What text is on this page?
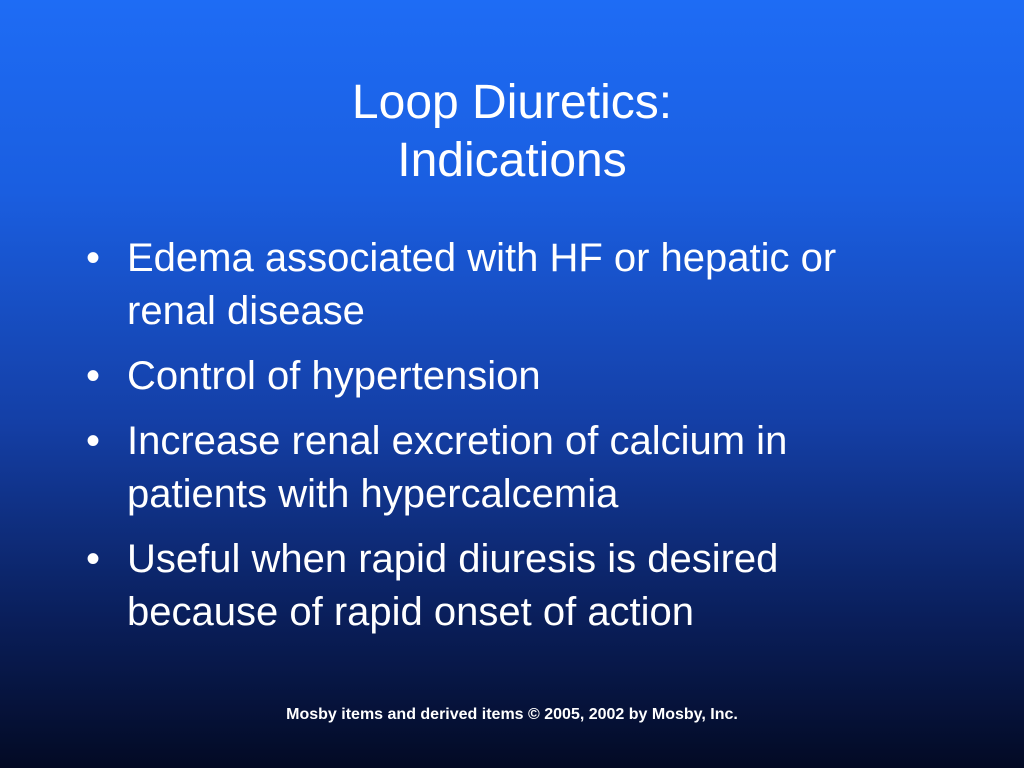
Loop Diuretics:
Indications
• Edema associated with HF or hepatic or renal disease
• Control of hypertension
• Increase renal excretion of calcium in patients with hypercalcemia
• Useful when rapid diuresis is desired because of rapid onset of action
Mosby items and derived items © 2005, 2002 by Mosby, Inc.
